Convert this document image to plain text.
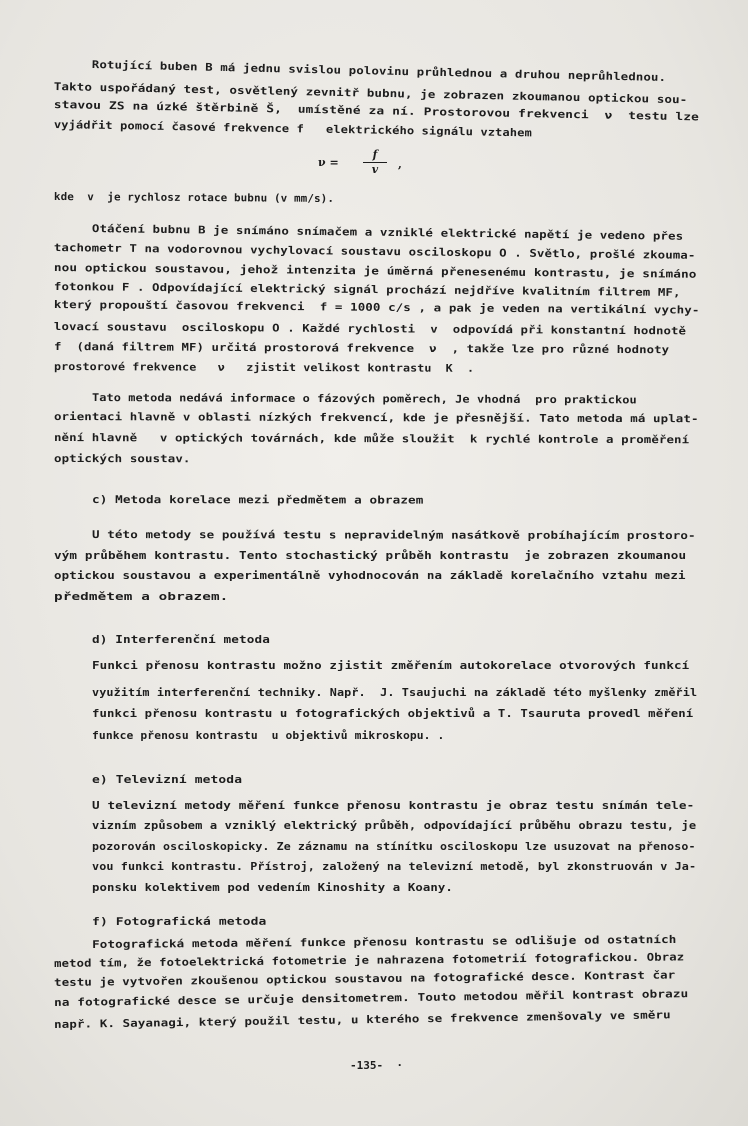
Rotující buben B má jednu svislou polovinu průhlednou a druhou neprůhlednou.
Takto uspořádaný test, osvětlený zevnitř bubnu, je zobrazen zkoumanou optickou sou-
stavou ZS na úzké štěrbině Š,  umístěné za ní. Prostorovou frekvenci  ν  testu lze
vyjádřit pomocí časové frekvence f   elektrického signálu vztahem
kde  v  je rychlosz rotace bubnu (v mm/s).
Otáčení bubnu B je snímáno snímačem a vzniklé elektrické napětí je vedeno přes
tachometr T na vodorovnou vychylovací soustavu osciloskopu O . Světlo, prošlé zkouma-
nou optickou soustavou, jehož intenzita je úměrná přenesenému kontrastu, je snímáno
fotonkou F . Odpovídající elektrický signál prochází nejdříve kvalitním filtrem MF,
který propouští časovou frekvenci  f = 1000 c/s , a pak je veden na vertikální vychy-
lovací soustavu  osciloskopu O . Každé rychlosti  v  odpovídá při konstantní hodnotě
f  (daná filtrem MF) určitá prostorová frekvence  ν  , takže lze pro různé hodnoty
prostorové frekvence   ν   zjistit velikost kontrastu  K  .
Tato metoda nedává informace o fázových poměrech, Je vhodná  pro praktickou
orientaci hlavně v oblasti nízkých frekvencí, kde je přesnější. Tato metoda má uplat-
nění hlavně   v optických továrnách, kde může sloužit  k rychlé kontrole a proměření
optických soustav.
c) Metoda korelace mezi předmětem a obrazem
U této metody se používá testu s nepravidelným nasátkově probíhajícím prostoro-
vým průběhem kontrastu. Tento stochastický průběh kontrastu  je zobrazen zkoumanou
optickou soustavou a experimentálně vyhodnocován na základě korelačního vztahu mezi
předmětem a obrazem.
d) Interferenční metoda
Funkci přenosu kontrastu možno zjistit změřením autokorelace otvorových funkcí
využitím interferenční techniky. Např.  J. Tsaujuchi na základě této myšlenky změřil
funkci přenosu kontrastu u fotografických objektivů a T. Tsauruta provedl měření
funkce přenosu kontrastu  u objektivů mikroskopu. .
e) Televizní metoda
U televizní metody měření funkce přenosu kontrastu je obraz testu snímán tele-
vizním způsobem a vzniklý elektrický průběh, odpovídající průběhu obrazu testu, je
pozorován osciloskopicky. Ze záznamu na stínítku osciloskopu lze usuzovat na přenoso-
vou funkci kontrastu. Přístroj, založený na televizní metodě, byl zkonstruován v Ja-
ponsku kolektivem pod vedením Kinoshity a Koany.
f) Fotografická metoda
Fotografická metoda měření funkce přenosu kontrastu se odlišuje od ostatních
metod tím, že fotoelektrická fotometrie je nahrazena fotometrií fotografickou. Obraz
testu je vytvořen zkoušenou optickou soustavou na fotografické desce. Kontrast čar
na fotografické desce se určuje densitometrem. Touto metodou měřil kontrast obrazu
např. K. Sayanagi, který použil testu, u kterého se frekvence zmenšovaly ve směru
$\nu = \frac{f}{v}$ ,
-135-  ·
